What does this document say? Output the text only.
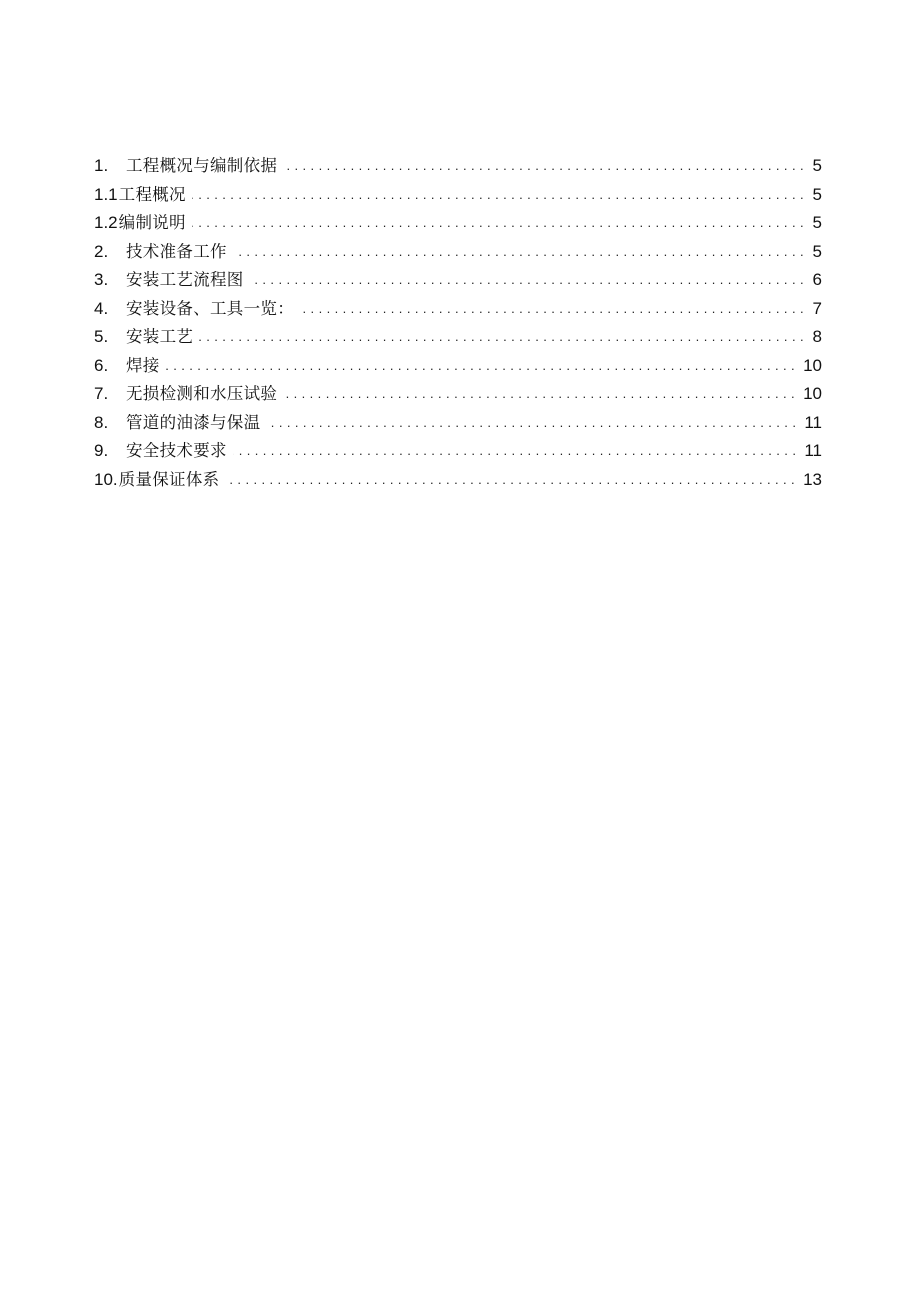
1.	工程概况与编制依据 . . .	5
1.1 工程概况 . . .	5
1.2 编制说明 . . .	5
2.	技术准备工作 . . .	5
3.	安装工艺流程图 . . .	6
4.	安装设备、工具一览： . . .	7
5.	安装工艺 . . .	8
6.	焊接 . . .	10
7.	无损检测和水压试验 . . .	10
8.	管道的油漆与保温 . . .	11
9.	安全技术要求 . . .	11
10. 质量保证体系 . . .	13
